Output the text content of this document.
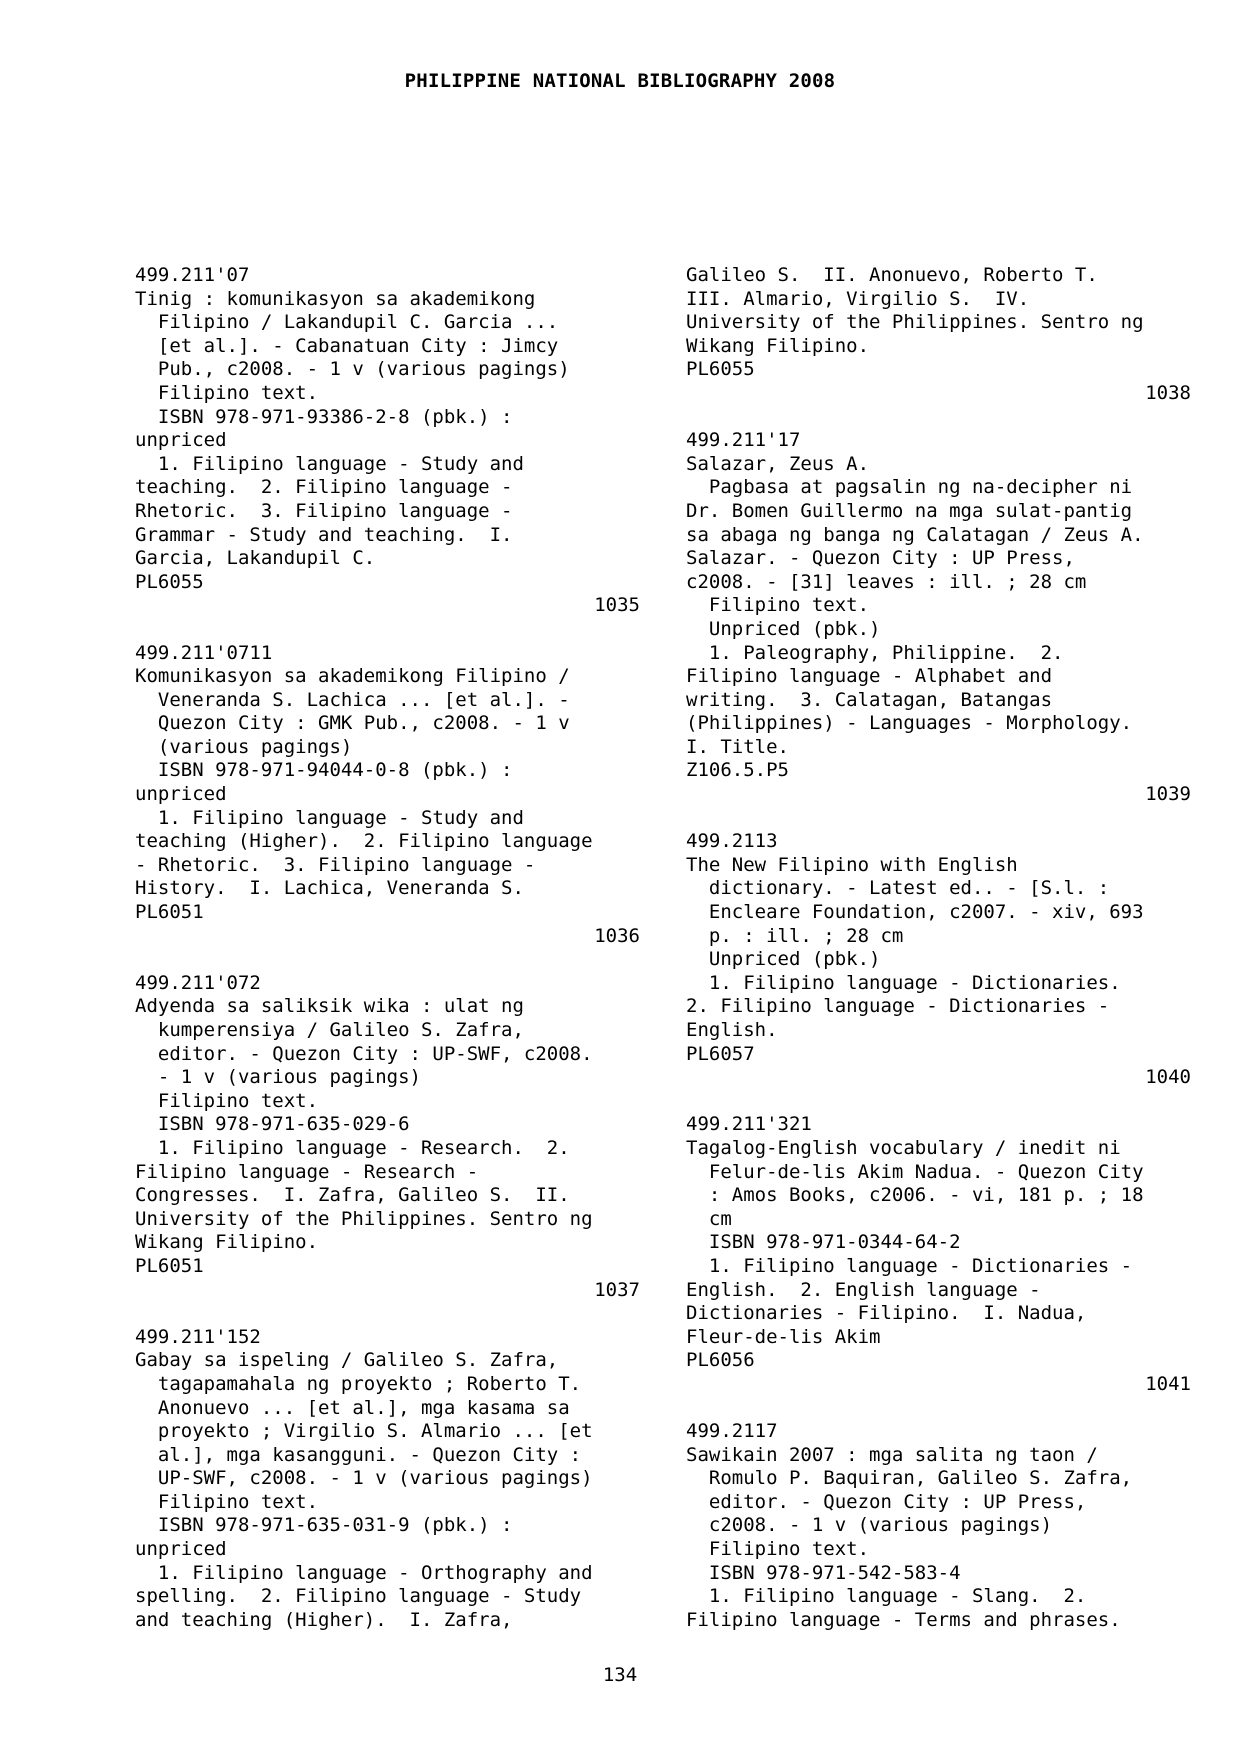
PHILIPPINE NATIONAL BIBLIOGRAPHY 2008
499.211'07
Tinig : komunikasyon sa akademikong
Filipino / Lakandupil C. Garcia ...
[et al.]. - Cabanatuan City : Jimcy
Pub., c2008. - 1 v (various pagings)
Filipino text.
ISBN 978-971-93386-2-8 (pbk.) :
unpriced
1. Filipino language - Study and
teaching.  2. Filipino language -
Rhetoric.  3. Filipino language -
Grammar - Study and teaching.  I.
Garcia, Lakandupil C.
PL6055
1035
499.211'0711
Komunikasyon sa akademikong Filipino /
Veneranda S. Lachica ... [et al.]. -
Quezon City : GMK Pub., c2008. - 1 v
(various pagings)
ISBN 978-971-94044-0-8 (pbk.) :
unpriced
1. Filipino language - Study and
teaching (Higher).  2. Filipino language
- Rhetoric.  3. Filipino language -
History.  I. Lachica, Veneranda S.
PL6051
1036
499.211'072
Adyenda sa saliksik wika : ulat ng
kumperensiya / Galileo S. Zafra,
editor. - Quezon City : UP-SWF, c2008.
- 1 v (various pagings)
Filipino text.
ISBN 978-971-635-029-6
1. Filipino language - Research.  2.
Filipino language - Research -
Congresses.  I. Zafra, Galileo S.  II.
University of the Philippines. Sentro ng
Wikang Filipino.
PL6051
1037
499.211'152
Gabay sa ispeling / Galileo S. Zafra,
tagapamahala ng proyekto ; Roberto T.
Anonuevo ... [et al.], mga kasama sa
proyekto ; Virgilio S. Almario ... [et
al.], mga kasangguni. - Quezon City :
UP-SWF, c2008. - 1 v (various pagings)
Filipino text.
ISBN 978-971-635-031-9 (pbk.) :
unpriced
1. Filipino language - Orthography and
spelling.  2. Filipino language - Study
and teaching (Higher).  I. Zafra,
Galileo S.  II. Anonuevo, Roberto T.
III. Almario, Virgilio S.  IV.
University of the Philippines. Sentro ng
Wikang Filipino.
PL6055
1038
499.211'17
Salazar, Zeus A.
Pagbasa at pagsalin ng na-decipher ni
Dr. Bomen Guillermo na mga sulat-pantig
sa abaga ng banga ng Calatagan / Zeus A.
Salazar. - Quezon City : UP Press,
c2008. - [31] leaves : ill. ; 28 cm
Filipino text.
Unpriced (pbk.)
1. Paleography, Philippine.  2.
Filipino language - Alphabet and
writing.  3. Calatagan, Batangas
(Philippines) - Languages - Morphology.
I. Title.
Z106.5.P5
1039
499.2113
The New Filipino with English
dictionary. - Latest ed.. - [S.l. :
Encleare Foundation, c2007. - xiv, 693
p. : ill. ; 28 cm
Unpriced (pbk.)
1. Filipino language - Dictionaries.
2. Filipino language - Dictionaries -
English.
PL6057
1040
499.211'321
Tagalog-English vocabulary / inedit ni
Felur-de-lis Akim Nadua. - Quezon City
: Amos Books, c2006. - vi, 181 p. ; 18
cm
ISBN 978-971-0344-64-2
1. Filipino language - Dictionaries -
English.  2. English language -
Dictionaries - Filipino.  I. Nadua,
Fleur-de-lis Akim
PL6056
1041
499.2117
Sawikain 2007 : mga salita ng taon /
Romulo P. Baquiran, Galileo S. Zafra,
editor. - Quezon City : UP Press,
c2008. - 1 v (various pagings)
Filipino text.
ISBN 978-971-542-583-4
1. Filipino language - Slang.  2.
Filipino language - Terms and phrases.
134
